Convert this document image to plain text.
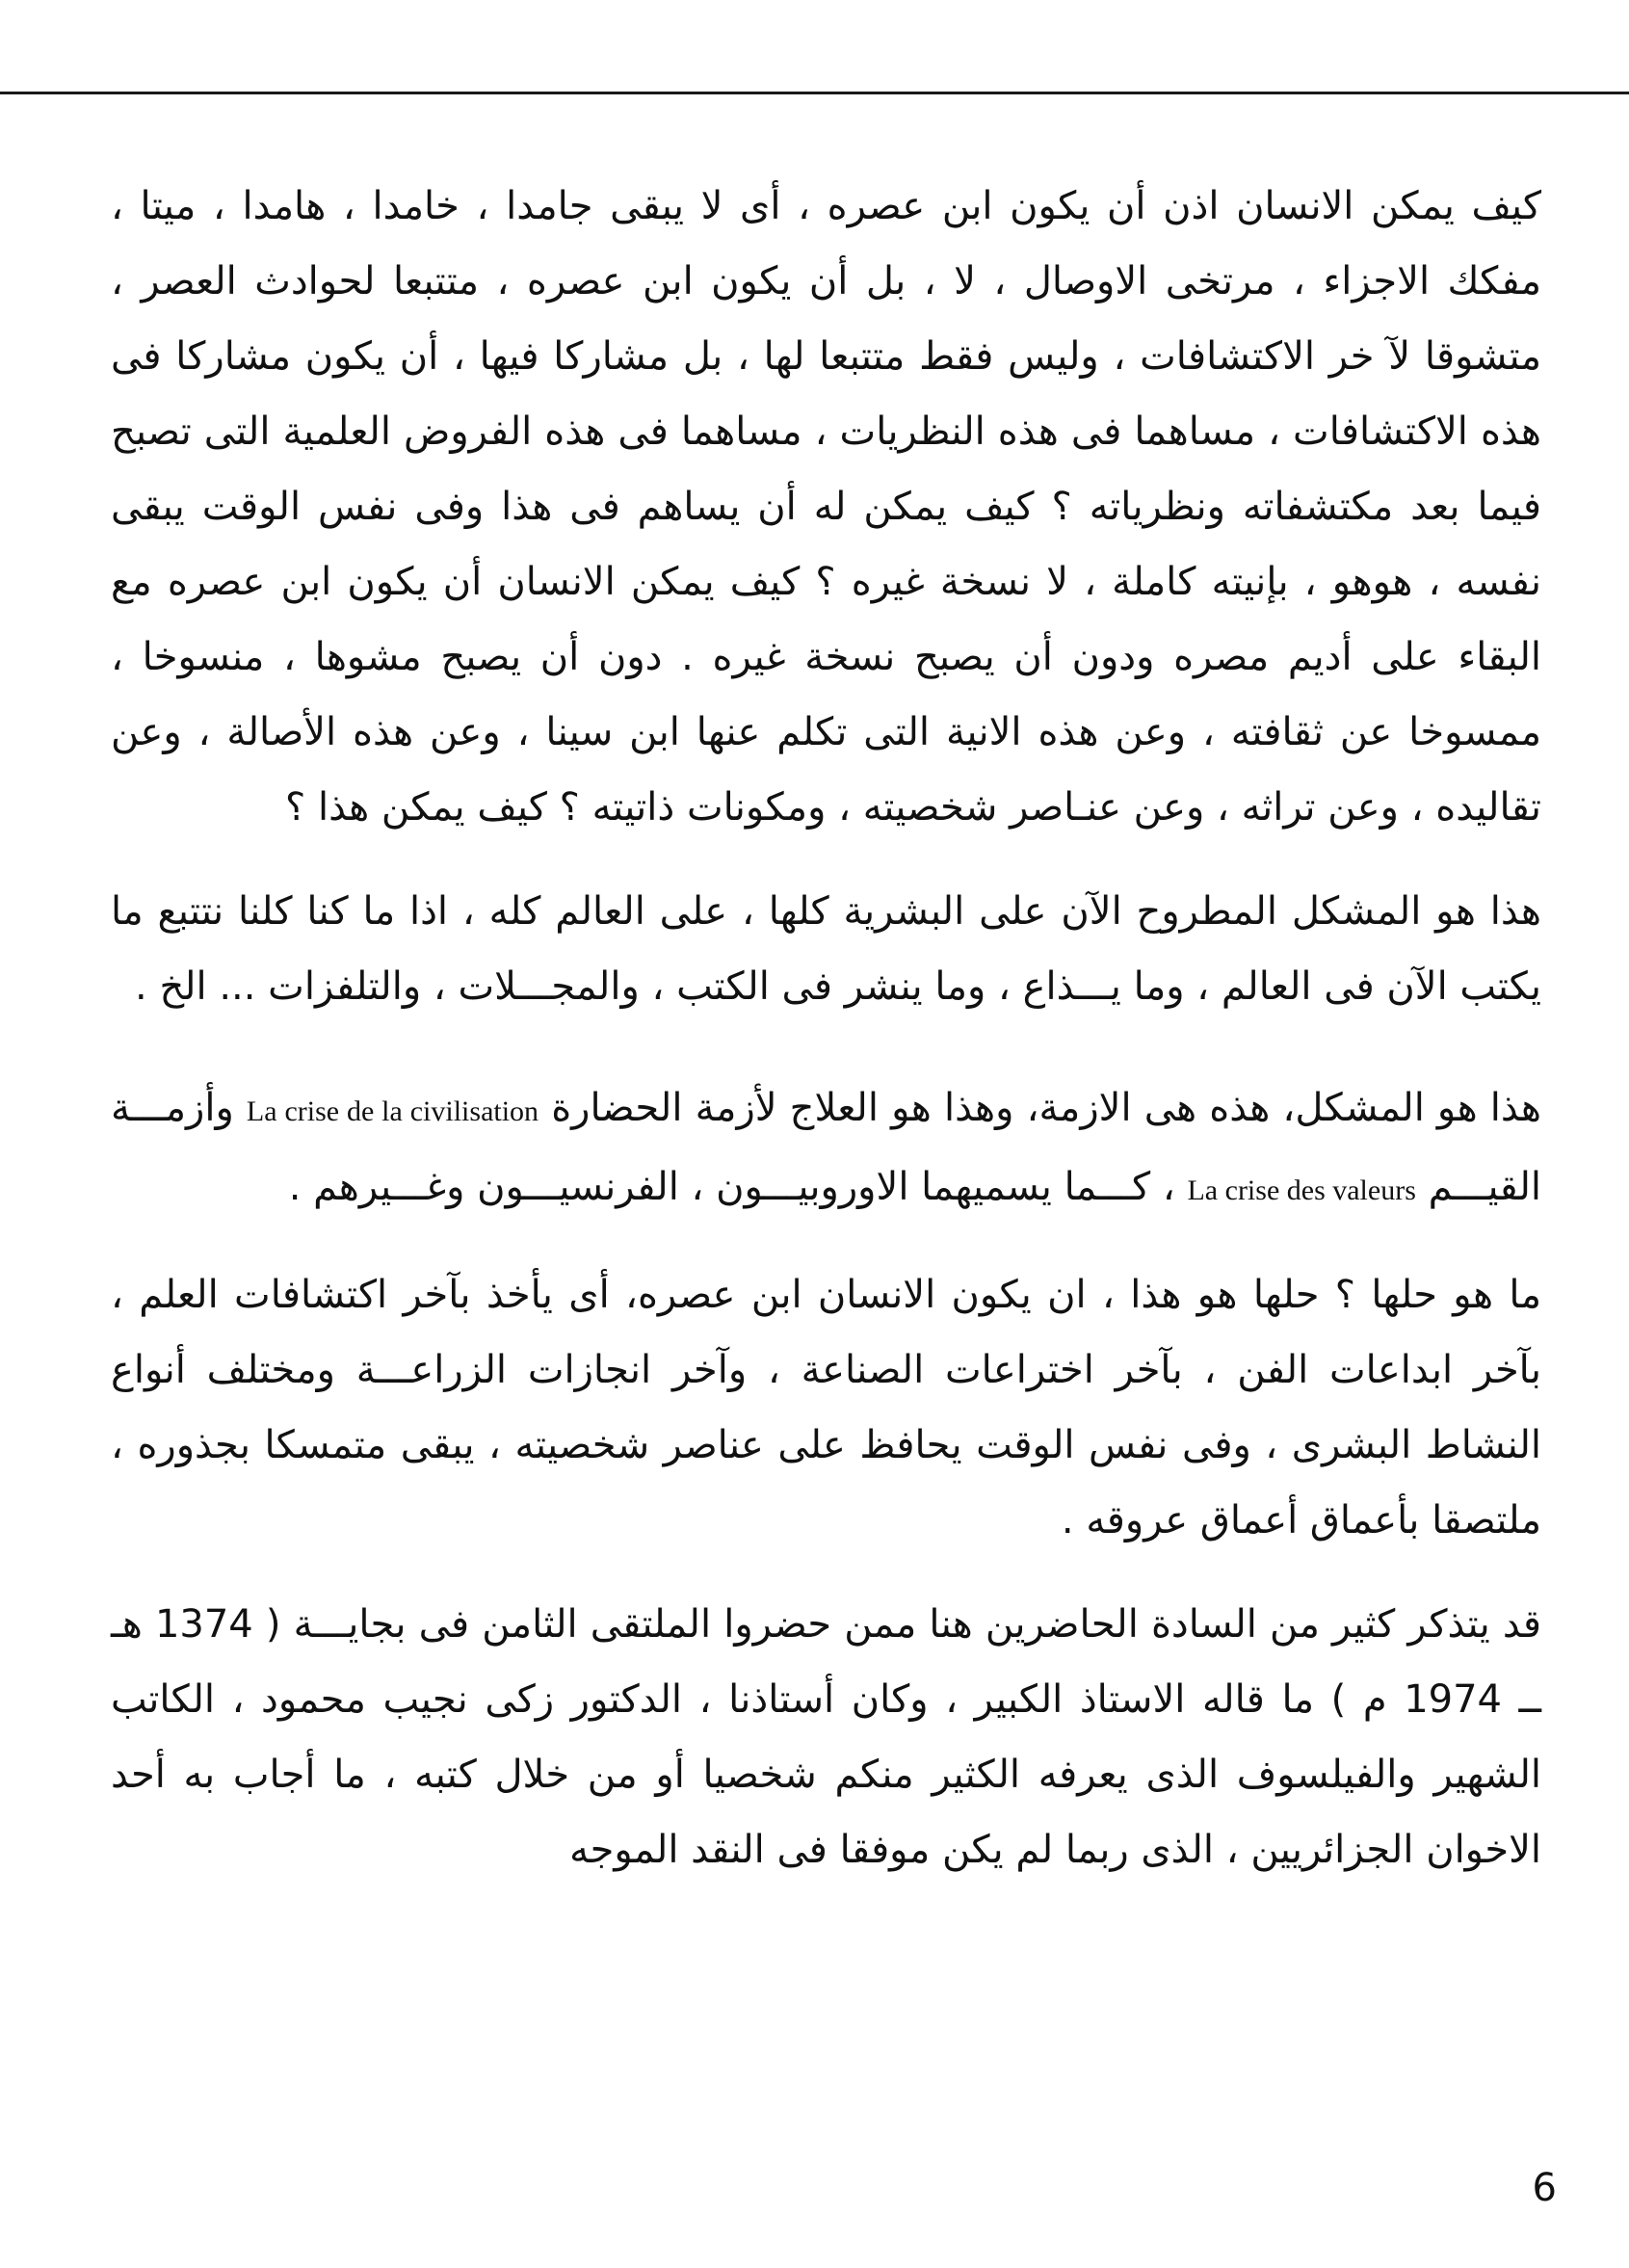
كيف يمكن الانسان اذن أن يكون ابن عصره ، أى لا يبقى جامدا ، خامدا ، هامدا ، ميتا ، مفكك الاجزاء ، مرتخى الاوصال ، لا ، بل أن يكون ابن عصره ، متتبعا لحوادث العصر ، متشوقا لآ خر الاكتشافات ، وليس فقط متتبعا لها ، بل مشاركا فيها ، أن يكون مشاركا فى هذه الاكتشافات ، مساهما فى هذه النظريات ، مساهما فى هذه الفروض العلمية التى تصبح فيما بعد مكتشفاته ونظرياته ؟ كيف يمكن له أن يساهم فى هذا وفى نفس الوقت يبقى نفسه ، هوهو ، بإنيته كاملة ، لا نسخة غيره ؟ كيف يمكن الانسان أن يكون ابن عصره مع البقاء على أديم مصره ودون أن يصبح نسخة غيره . دون أن يصبح مشوها ، منسوخا ، ممسوخا عن ثقافته ، وعن هذه الانية التى تكلم عنها ابن سينا ، وعن هذه الأصالة ، وعن تقاليده ، وعن تراثه ، وعن عنـاصر شخصيته ، ومكونات ذاتيته ؟ كيف يمكن هذا ؟

هذا هو المشكل المطروح الآن على البشرية كلها ، على العالم كله ، اذا ما كنا كلنا نتتبع ما يكتب الآن فى العالم ، وما يـــذاع ، وما ينشر فى الكتب ، والمجـــلات ، والتلفزات ... الخ .

هذا هو المشكل، هذه هى الازمة، وهذا هو العلاج لأزمة الحضارة La crise de la civilisation وأزمـــة القيـــم La crise des valeurs ، كـــما يسميهما الاوروبيـــون ، الفرنسيـــون وغـــيرهم .

ما هو حلها ؟ حلها هو هذا ، ان يكون الانسان ابن عصره، أى يأخذ بآخر اكتشافات العلم ، بآخر ابداعات الفن ، بآخر اختراعات الصناعة ، وآخر انجازات الزراعـــة ومختلف أنواع النشاط البشرى ، وفى نفس الوقت يحافظ على عناصر شخصيته ، يبقى متمسكا بجذوره ، ملتصقا بأعماق أعماق عروقه .

قد يتذكر كثير من السادة الحاضرين هنا ممن حضروا الملتقى الثامن فى بجايـــة ( 1374 هـ ــ 1974 م ) ما قاله الاستاذ الكبير ، وكان أستاذنا ، الدكتور زكى نجيب محمود ، الكاتب الشهير والفيلسوف الذى يعرفه الكثير منكم شخصيا أو من خلال كتبه ، ما أجاب به أحد الاخوان الجزائريين ، الذى ربما لم يكن موفقا فى النقد الموجه

6
